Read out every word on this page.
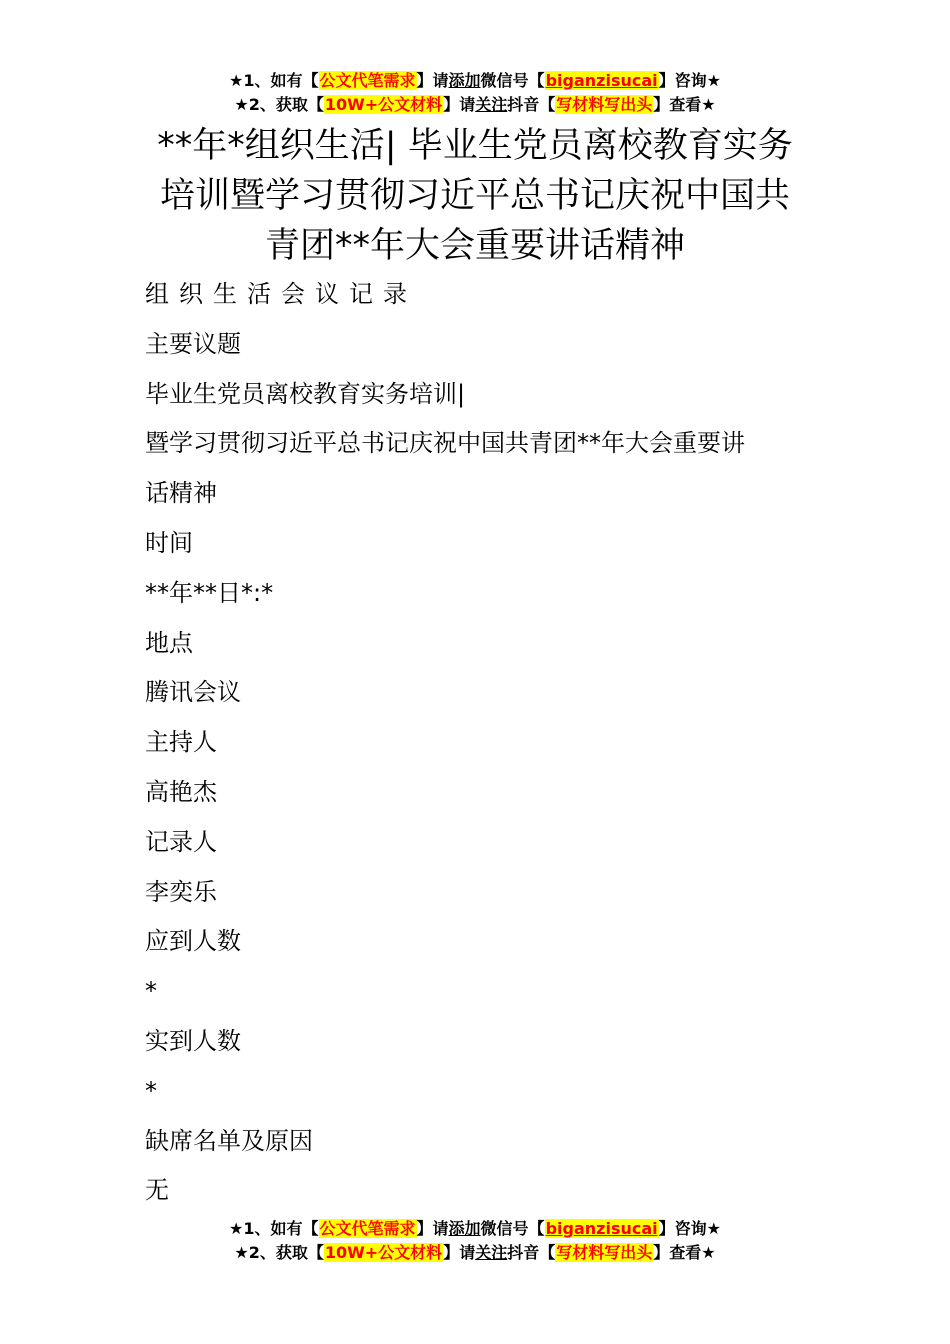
★1、如有【公文代笔需求】请添加微信号【biganzisucai】咨询★
★2、获取【10W+公文材料】请关注抖音【写材料写出头】查看★
**年*组织生活| 毕业生党员离校教育实务
培训暨学习贯彻习近平总书记庆祝中国共
青团**年大会重要讲话精神
组织生活会议记录
主要议题
毕业生党员离校教育实务培训|
暨学习贯彻习近平总书记庆祝中国共青团**年大会重要讲
话精神
时间
**年**日*:*
地点
腾讯会议
主持人
高艳杰
记录人
李奕乐
应到人数
*
实到人数
*
缺席名单及原因
无
★1、如有【公文代笔需求】请添加微信号【biganzisucai】咨询★
★2、获取【10W+公文材料】请关注抖音【写材料写出头】查看★
